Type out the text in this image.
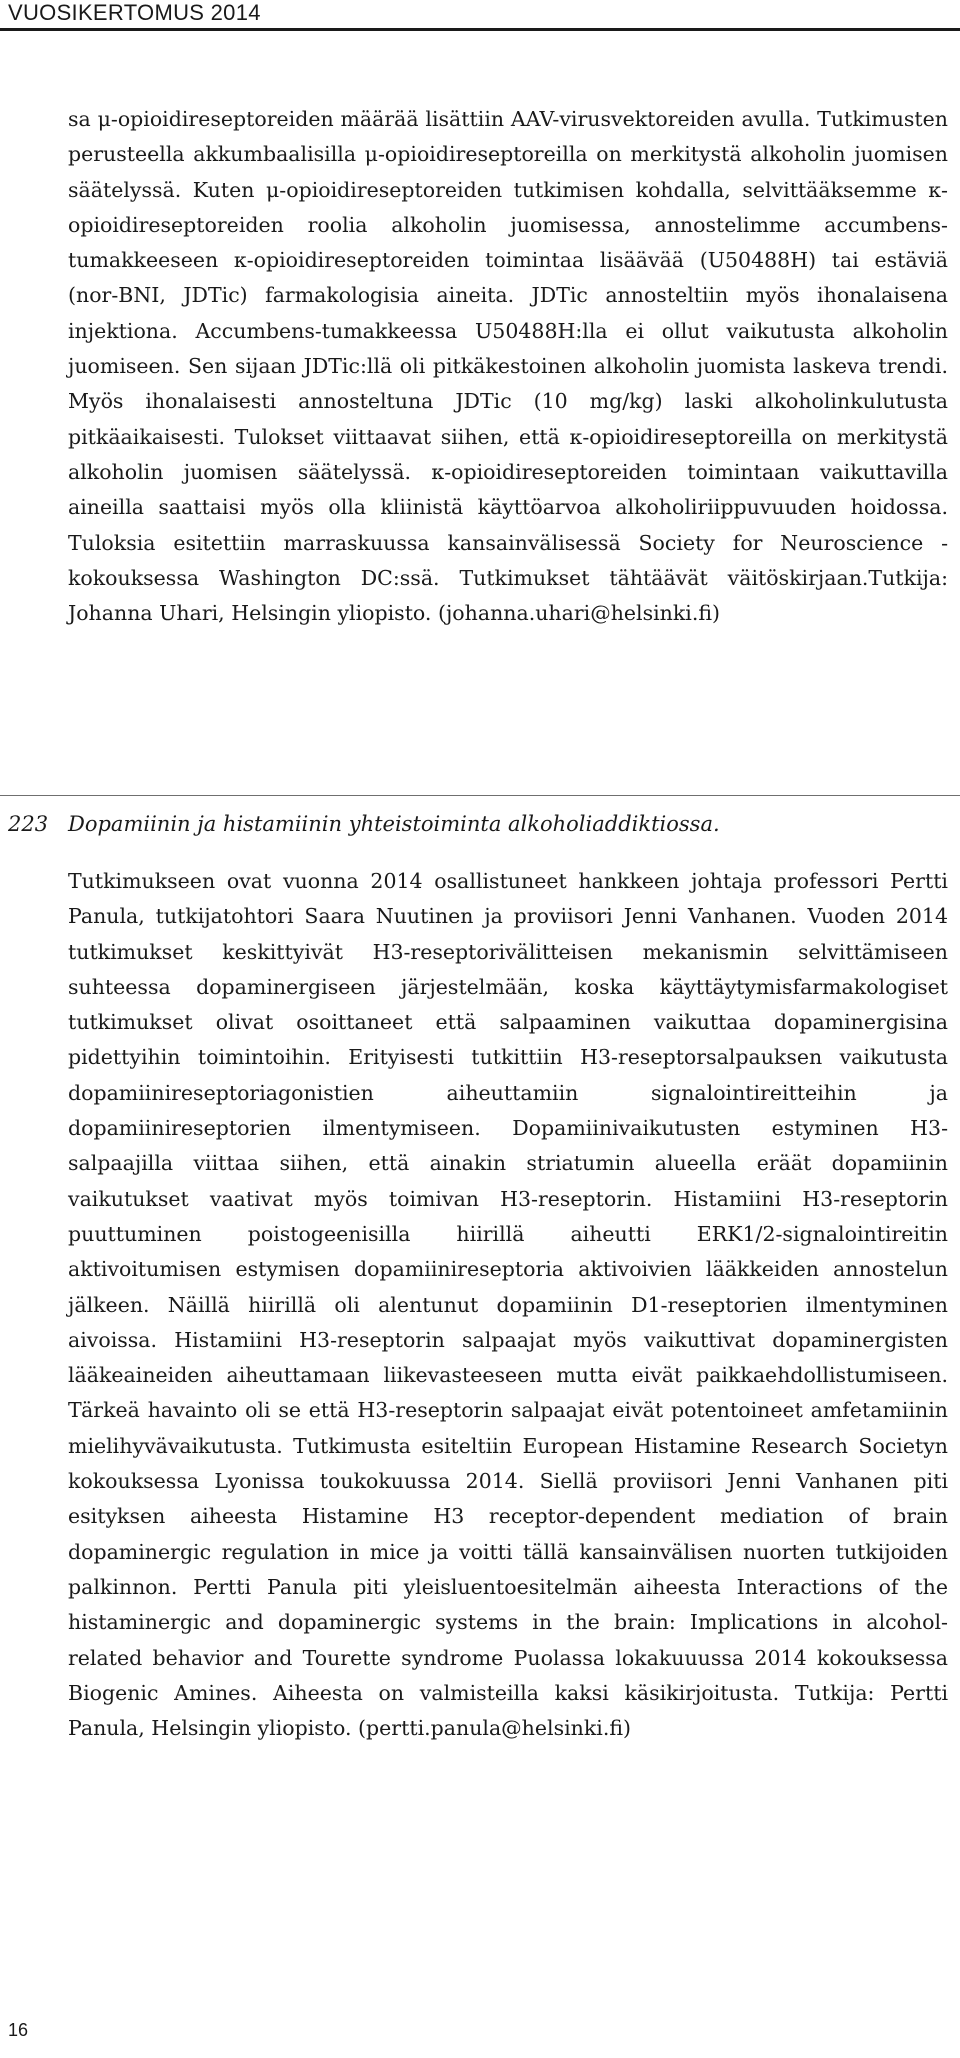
VUOSIKERTOMUS 2014

sa μ-opioidireseptoreiden määrää lisättiin AAV-virusvektoreiden avulla. Tutkimusten perusteella akkumbaalisilla μ-opioidireseptoreilla on merkitystä alkoholin juomisen säätelyssä. Kuten μ-opioidireseptoreiden tutkimisen kohdalla, selvittääksemme κ-opioidireseptoreiden roolia alkoholin juomisessa, annostelimme accumbens-tumakkeeseen κ-opioidireseptoreiden toimintaa lisäävää (U50488H) tai estäviä (nor-BNI, JDTic) farmakologisia aineita. JDTic annosteltiin myös ihonalaisena injektiona. Accumbens-tumakkeessa U50488H:lla ei ollut vaikutusta alkoholin juomiseen. Sen sijaan JDTic:llä oli pitkäkestoinen alkoholin juomista laskeva trendi. Myös ihonalaisesti annosteltuna JDTic (10 mg/kg) laski alkoholinkulutusta pitkäaikaisesti. Tulokset viittaavat siihen, että κ-opioidireseptoreilla on merkitystä alkoholin juomisen säätelyssä. κ-opioidireseptoreiden toimintaan vaikuttavilla aineilla saattaisi myös olla kliinistä käyttöarvoa alkoholiriippuvuuden hoidossa. Tuloksia esitettiin marraskuussa kansainvälisessä Society for Neuroscience -kokouksessa Washington DC:ssä. Tutkimukset tähtäävät väitöskirjaan.Tutkija: Johanna Uhari, Helsingin yliopisto. (johanna.uhari@helsinki.fi)

223 Dopamiinin ja histamiinin yhteistoiminta alkoholiaddiktiossa.

Tutkimukseen ovat vuonna 2014 osallistuneet hankkeen johtaja professori Pertti Panula, tutkijatohtori Saara Nuutinen ja proviisori Jenni Vanhanen. Vuoden 2014 tutkimukset keskittyivät H3-reseptorivälitteisen mekanismin selvittämiseen suhteessa dopaminergiseen järjestelmään, koska käyttäytymisfarmakologiset tutkimukset olivat osoittaneet että salpaaminen vaikuttaa dopaminergisina pidettyihin toimintoihin. Erityisesti tutkittiin H3-reseptorsalpauksen vaikutusta dopamiinireseptoriagonistien aiheuttamiin signalointireitteihin ja dopamiinireseptorien ilmentymiseen. Dopamiinivaikutusten estyminen H3-salpaajilla viittaa siihen, että ainakin striatumin alueella eräät dopamiinin vaikutukset vaativat myös toimivan H3-reseptorin. Histamiini H3-reseptorin puuttuminen poistogeenisilla hiirillä aiheutti ERK1/2-signalointireitin aktivoitumisen estymisen dopamiinireseptoria aktivoivien lääkkeiden annostelun jälkeen. Näillä hiirillä oli alentunut dopamiinin D1-reseptorien ilmentyminen aivoissa. Histamiini H3-reseptorin salpaajat myös vaikuttivat dopaminergisten lääkeaineiden aiheuttamaan liikevasteeseen mutta eivät paikkaehdollistumiseen. Tärkeä havainto oli se että H3-reseptorin salpaajat eivät potentoineet amfetamiinin mielihyvävaikutusta. Tutkimusta esiteltiin European Histamine Research Societyn kokouksessa Lyonissa toukokuussa 2014. Siellä proviisori Jenni Vanhanen piti esityksen aiheesta Histamine H3 receptor-dependent mediation of brain dopaminergic regulation in mice ja voitti tällä kansainvälisen nuorten tutkijoiden palkinnon. Pertti Panula piti yleisluentoesitelmän aiheesta Interactions of the histaminergic and dopaminergic systems in the brain: Implications in alcohol-related behavior and Tourette syndrome Puolassa lokakuuussa 2014 kokouksessa Biogenic Amines. Aiheesta on valmisteilla kaksi käsikirjoitusta. Tutkija: Pertti Panula, Helsingin yliopisto. (pertti.panula@helsinki.fi)

16
